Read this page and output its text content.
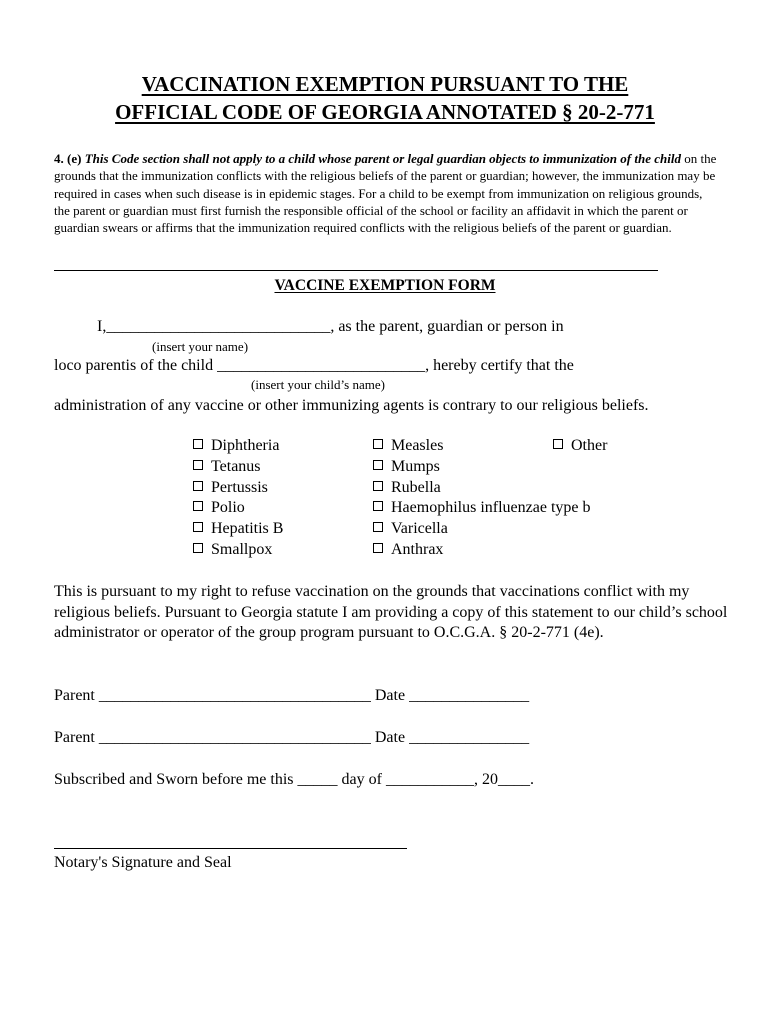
VACCINATION EXEMPTION PURSUANT TO THE
OFFICIAL CODE OF GEORGIA ANNOTATED § 20-2-771
4. (e) This Code section shall not apply to a child whose parent or legal guardian objects to immunization of the child on the grounds that the immunization conflicts with the religious beliefs of the parent or guardian; however, the immunization may be required in cases when such disease is in epidemic stages. For a child to be exempt from immunization on religious grounds, the parent or guardian must first furnish the responsible official of the school or facility an affidavit in which the parent or guardian swears or affirms that the immunization required conflicts with the religious beliefs of the parent or guardian.
VACCINE EXEMPTION FORM
I,____________________________, as the parent, guardian or person in
(insert your name)
loco parentis of the child __________________________, hereby certify that the
(insert your child’s name)
administration of any vaccine or other immunizing agents is contrary to our religious beliefs.
Diphtheria
Tetanus
Pertussis
Polio
Hepatitis B
Smallpox
Measles
Mumps
Rubella
Haemophilus influenzae type b
Varicella
Anthrax
Other
This is pursuant to my right to refuse vaccination on the grounds that vaccinations conflict with my religious beliefs. Pursuant to Georgia statute I am providing a copy of this statement to our child’s school administrator or operator of the group program pursuant to O.C.G.A. § 20-2-771 (4e).
Parent __________________________________ Date _______________
Parent __________________________________ Date _______________
Subscribed and Sworn before me this _____ day of ___________, 20____.
Notary's Signature and Seal
